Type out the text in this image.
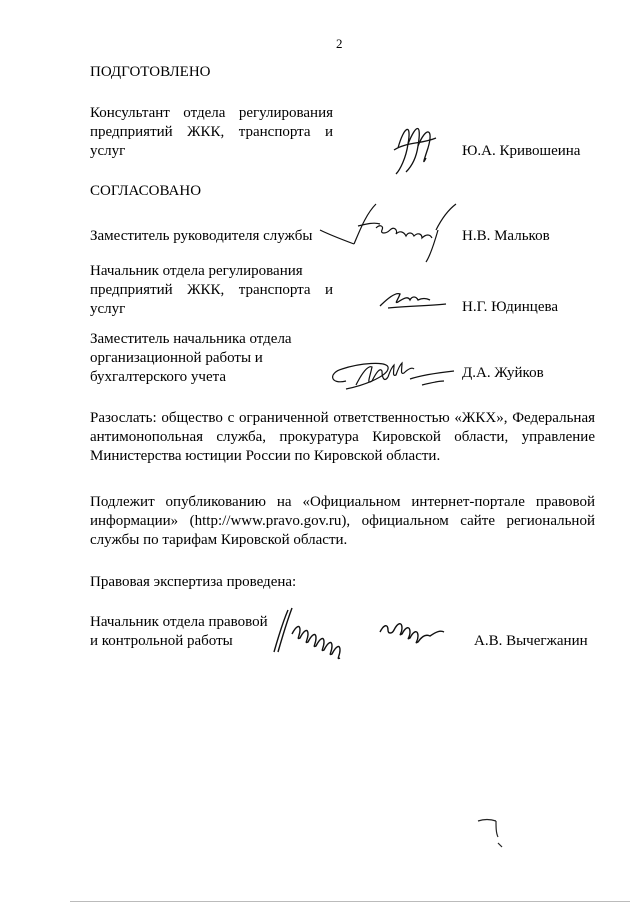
2
ПОДГОТОВЛЕНО
Консультант отдела регулирования
предприятий ЖКК, транспорта и
услуг	Ю.А. Кривошеина
СОГЛАСОВАНО
Заместитель руководителя службы	Н.В. Мальков
Начальник отдела регулирования
предприятий ЖКК, транспорта и
услуг	Н.Г. Юдинцева
Заместитель начальника отдела
организационной работы и
бухгалтерского учета	Д.А. Жуйков
Разослать: общество с ограниченной ответственностью «ЖКХ», Федеральная антимонопольная служба, прокуратура Кировской области, управление Министерства юстиции России по Кировской области.
Подлежит опубликованию на «Официальном интернет-портале правовой информации» (http://www.pravo.gov.ru), официальном сайте региональной службы по тарифам Кировской области.
Правовая экспертиза проведена:
Начальник отдела правовой
и контрольной работы	А.В. Вычегжанин
